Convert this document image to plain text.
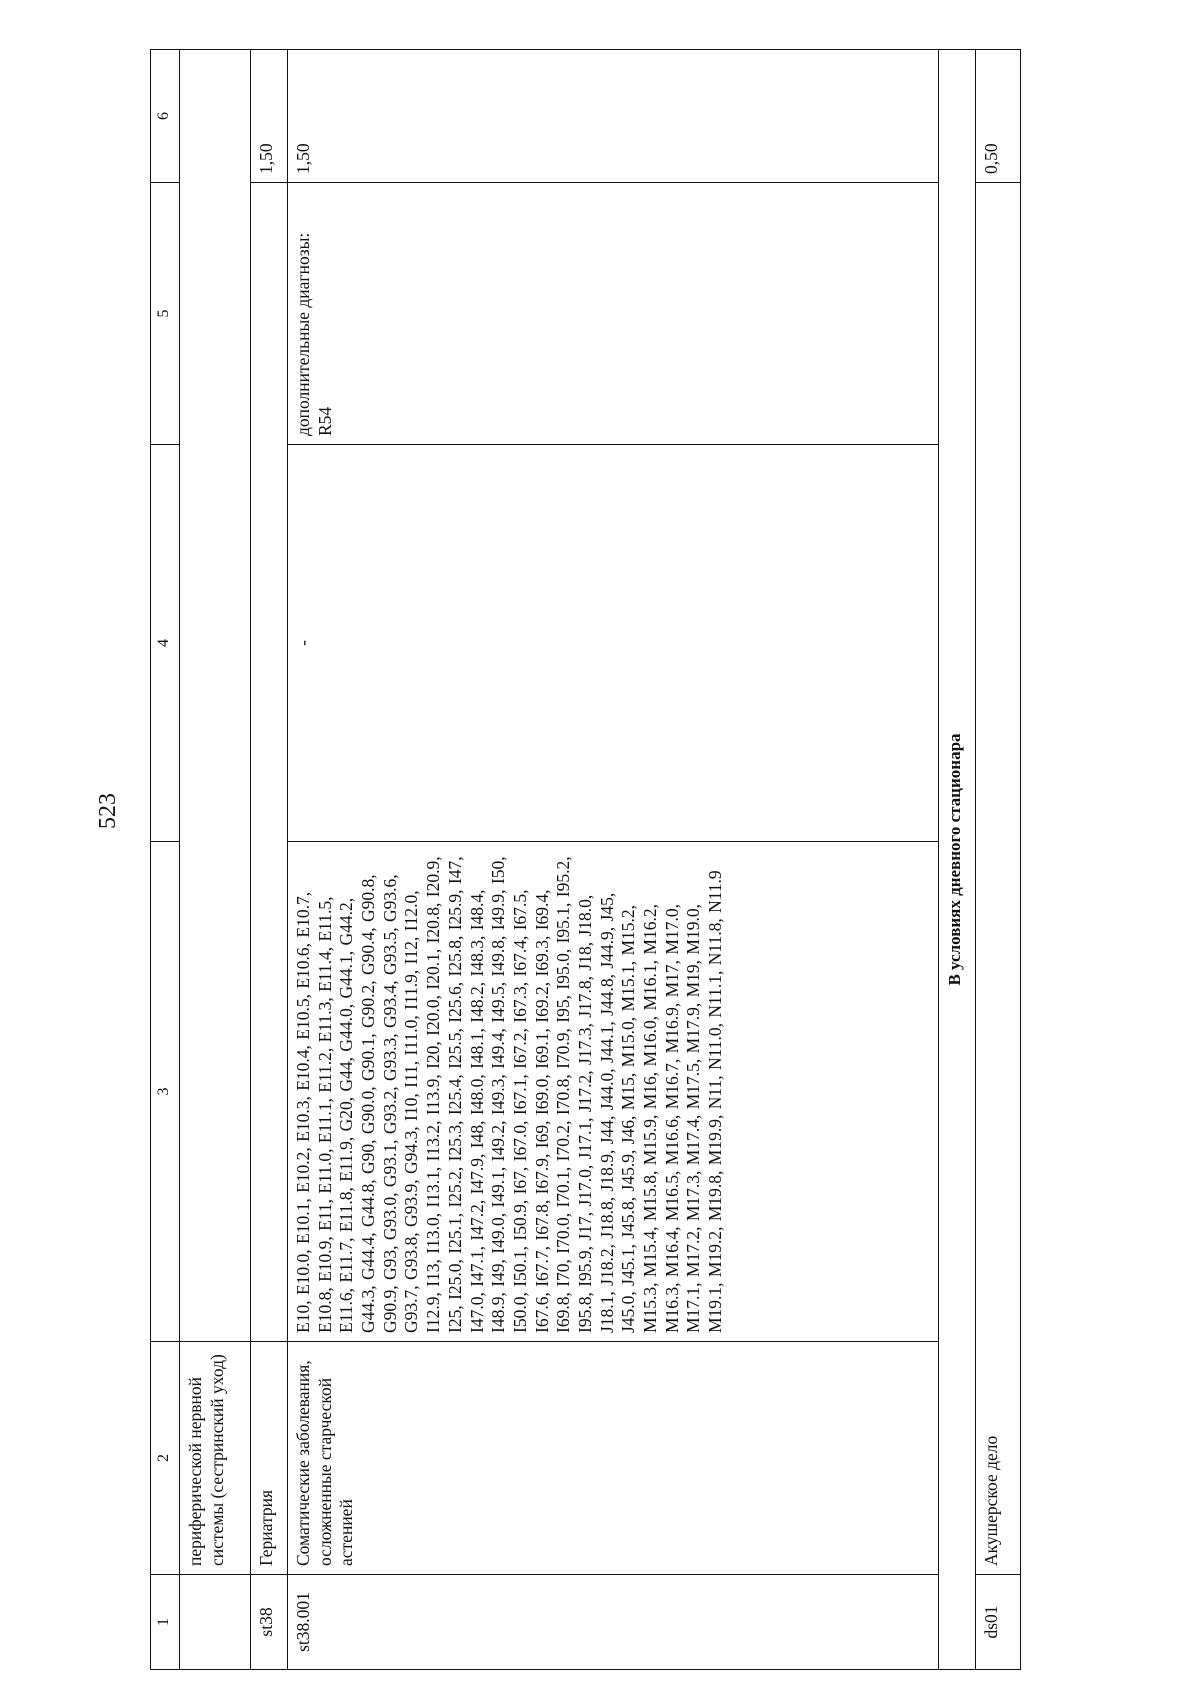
523
1	2	3	4	5	6
	периферической нервной системы (сестринский уход)				
st38	Гериатрия				1,50
st38.001	Соматические заболевания, осложненные старческой астенией	E10, E10.0, E10.1, E10.2, E10.3, E10.4, E10.5, E10.6, E10.7, E10.8, E10.9, E11, E11.0, E11.1, E11.2, E11.3, E11.4, E11.5, E11.6, E11.7, E11.8, E11.9, G20, G44, G44.0, G44.1, G44.2, G44.3, G44.4, G44.8, G90, G90.0, G90.1, G90.2, G90.4, G90.8, G90.9, G93, G93.0, G93.1, G93.2, G93.3, G93.4, G93.5, G93.6, G93.7, G93.8, G93.9, G94.3, I10, I11, I11.0, I11.9, I12, I12.0, I12.9, I13, I13.0, I13.1, I13.2, I13.9, I20, I20.0, I20.1, I20.8, I20.9, I25, I25.0, I25.1, I25.2, I25.3, I25.4, I25.5, I25.6, I25.8, I25.9, I47, I47.0, I47.1, I47.2, I47.9, I48, I48.0, I48.1, I48.2, I48.3, I48.4, I48.9, I49, I49.0, I49.1, I49.2, I49.3, I49.4, I49.5, I49.8, I49.9, I50, I50.0, I50.1, I50.9, I67, I67.0, I67.1, I67.2, I67.3, I67.4, I67.5, I67.6, I67.7, I67.8, I67.9, I69, I69.0, I69.1, I69.2, I69.3, I69.4, I69.8, I70, I70.0, I70.1, I70.2, I70.8, I70.9, I95, I95.0, I95.1, I95.2, I95.8, I95.9, J17, J17.0, J17.1, J17.2, J17.3, J17.8, J18, J18.0, J18.1, J18.2, J18.8, J18.9, J44, J44.0, J44.1, J44.8, J44.9, J45, J45.0, J45.1, J45.8, J45.9, J46, M15, M15.0, M15.1, M15.2, M15.3, M15.4, M15.8, M15.9, M16, M16.0, M16.1, M16.2, M16.3, M16.4, M16.5, M16.6, M16.7, M16.9, M17, M17.0, M17.1, M17.2, M17.3, M17.4, M17.5, M17.9, M19, M19.0, M19.1, M19.2, M19.8, M19.9, N11, N11.0, N11.1, N11.8, N11.9	-	дополнительные диагнозы: R54	1,50
В условиях дневного стационара					
ds01	Акушерское дело				0,50
